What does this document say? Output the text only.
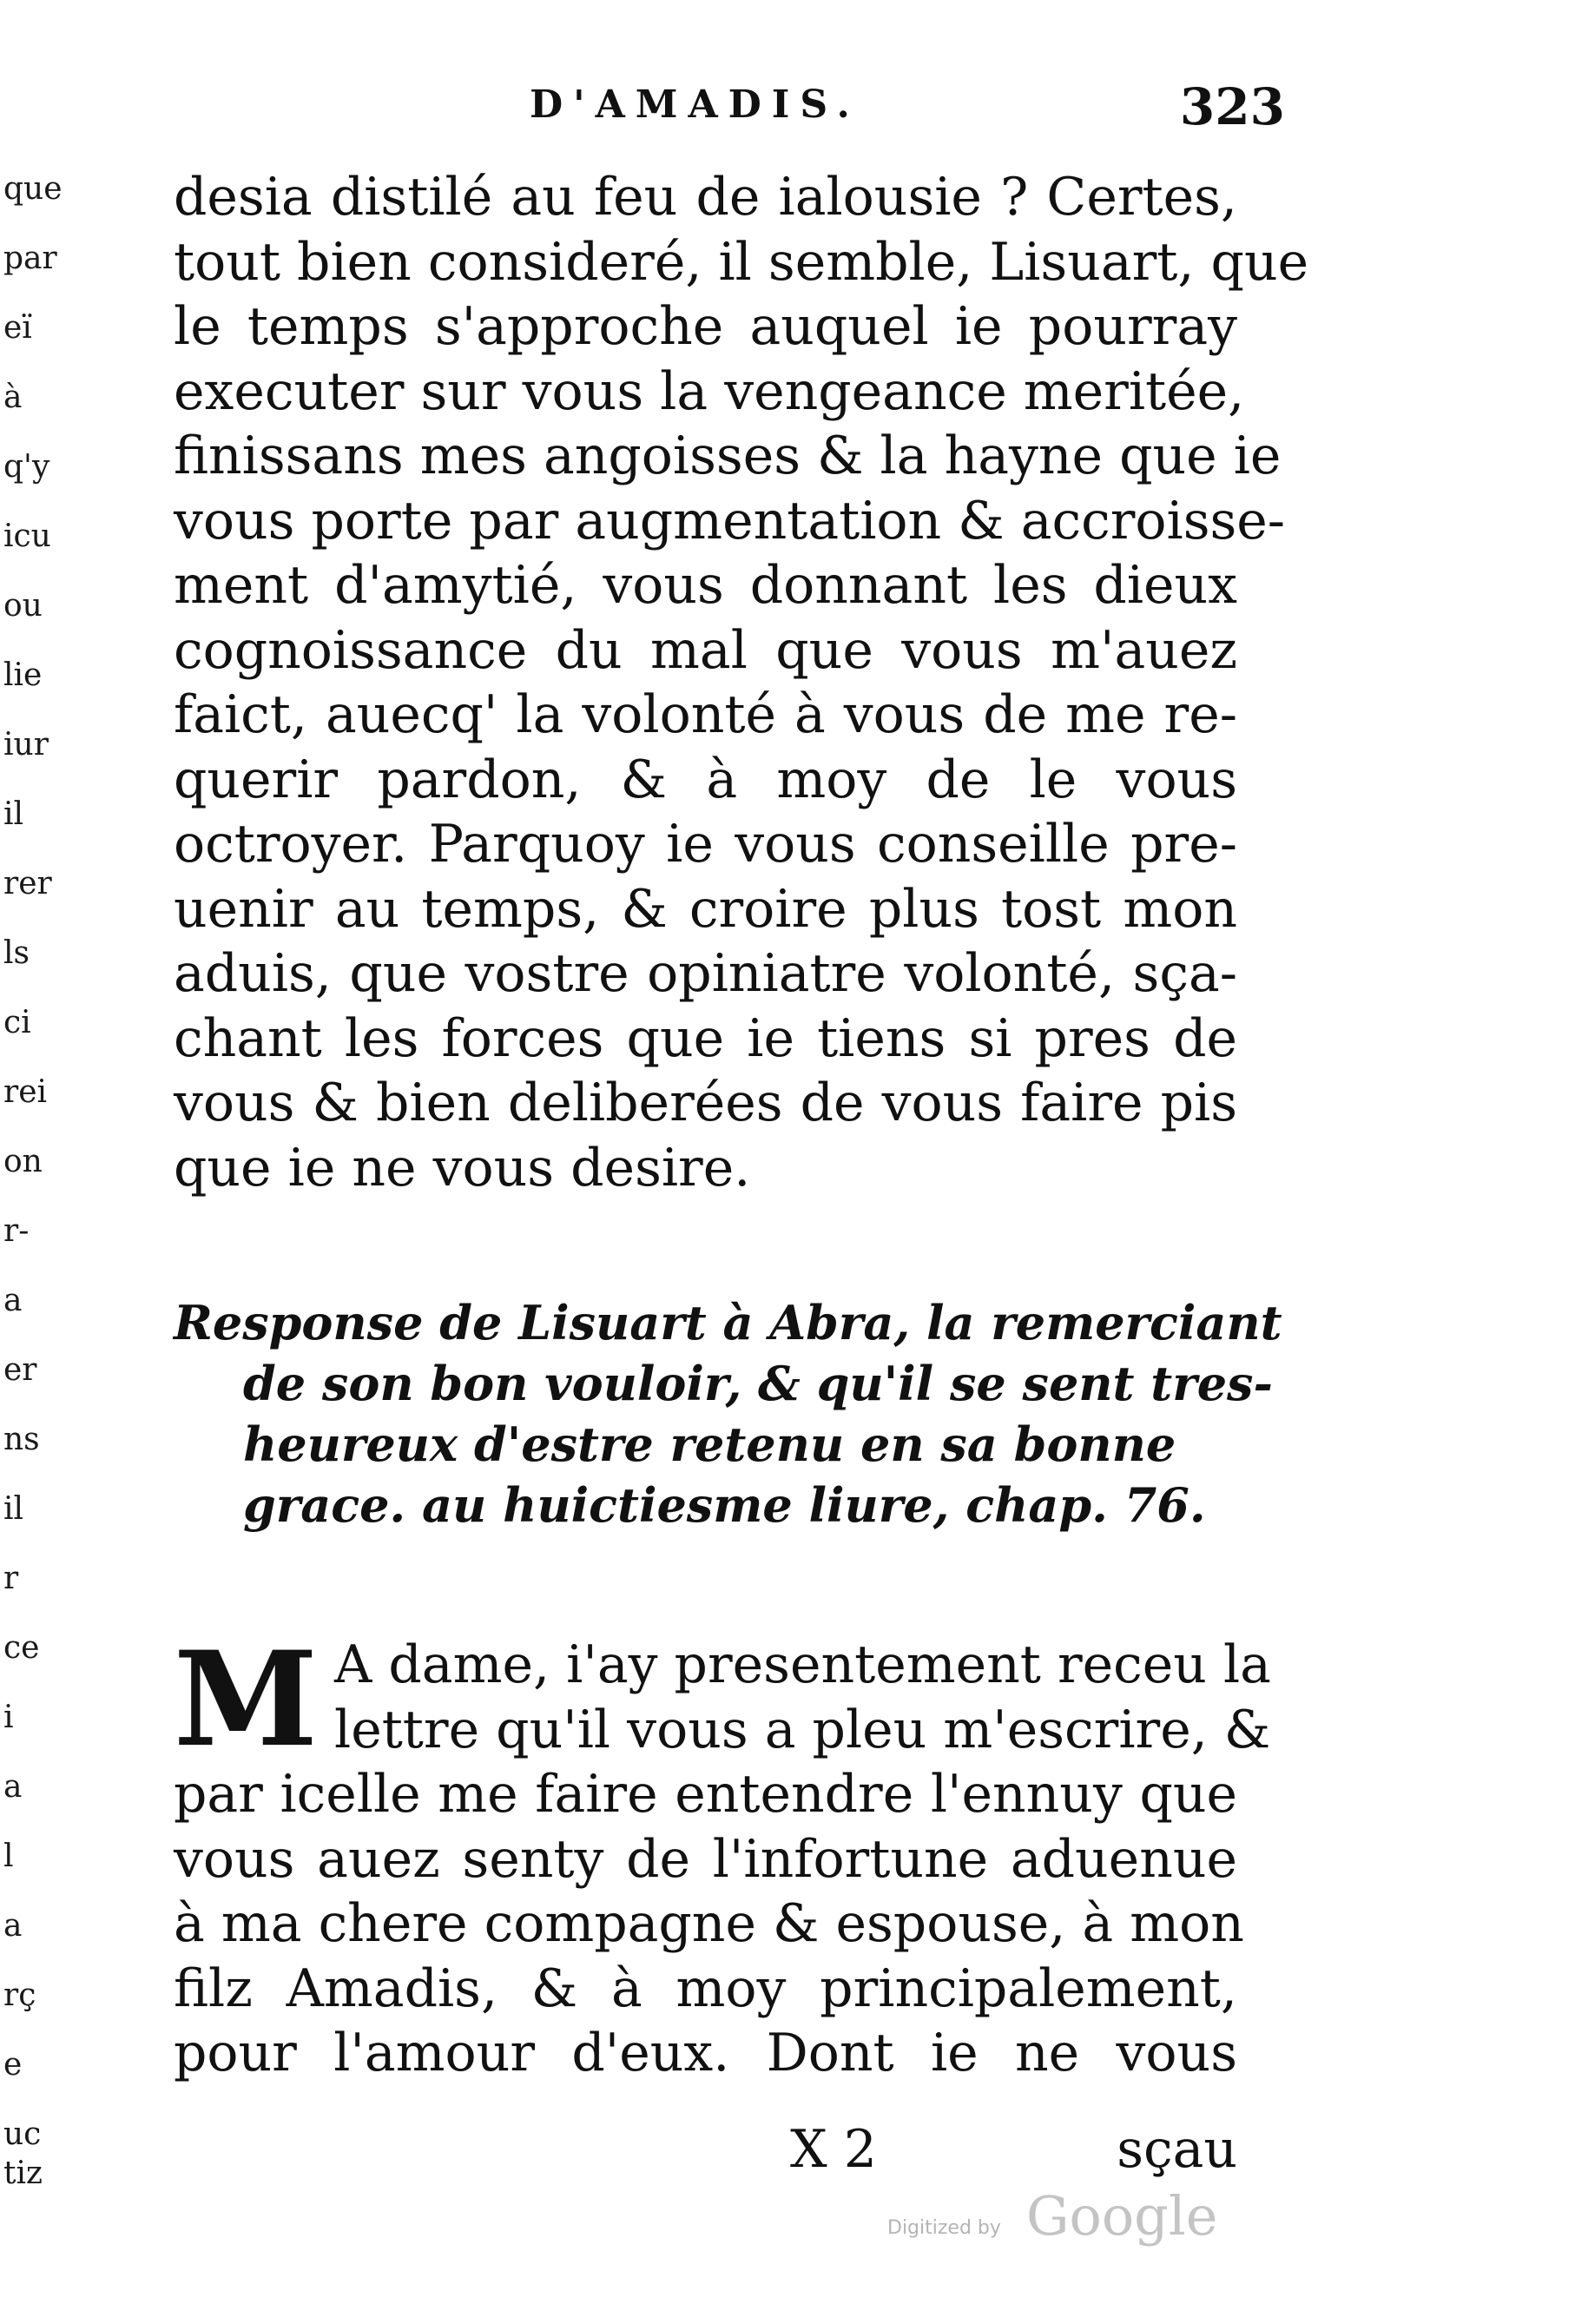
que
par
eï
à
q'y
icu
ou
lie
iur
il
rer
ls
ci
rei
on
r-
a
er
ns
il
r
ce
i
a
l
a
rç
e
uc
tiz
D'AMADIS.	323
desia distilé au feu de ialousie ? Certes,
tout bien consideré, il semble, Lisuart, que
le temps s'approche auquel ie pourray
executer sur vous la vengeance meritée,
finissans mes angoisses & la hayne que ie
vous porte par augmentation & accroisse-
ment d'amytié, vous donnant les dieux
cognoissance du mal que vous m'auez
faict, auecq' la volonté à vous de me re-
querir pardon, & à moy de le vous
octroyer. Parquoy ie vous conseille pre-
uenir au temps, & croire plus tost mon
aduis, que vostre opiniatre volonté, sça-
chant les forces que ie tiens si pres de
vous & bien deliberées de vous faire pis
que ie ne vous desire.
Response de Lisuart à Abra, la remerciant
de son bon vouloir, & qu'il se sent tres-
heureux d'estre retenu en sa bonne
grace. au huictiesme liure, chap. 76.
M A dame, i'ay presentement receu la
lettre qu'il vous a pleu m'escrire, &
par icelle me faire entendre l'ennuy que
vous auez senty de l'infortune aduenue
à ma chere compagne & espouse, à mon
filz Amadis, & à moy principalement,
pour l'amour d'eux. Dont ie ne vous
X 2	sçau
Digitized by Google
